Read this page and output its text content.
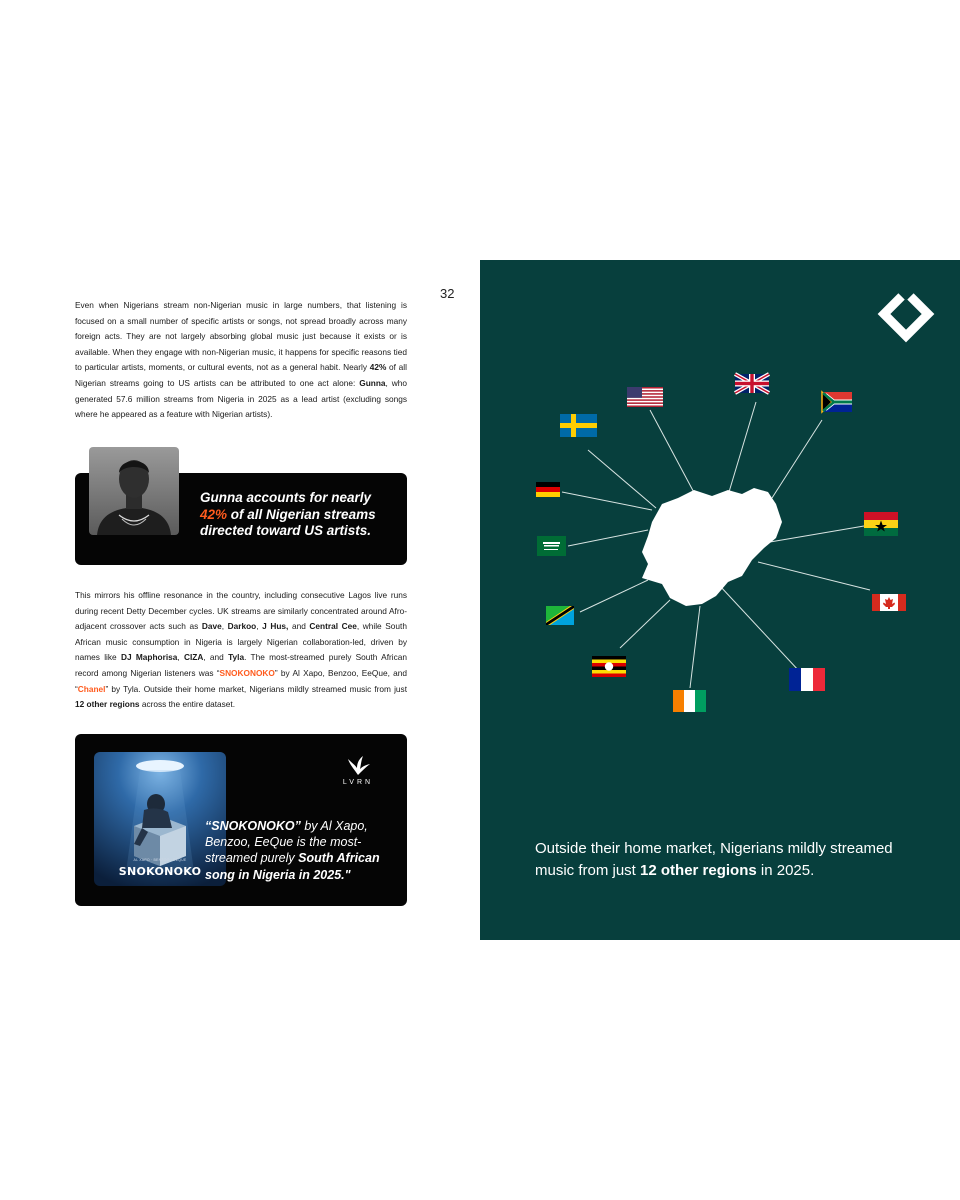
32

Even when Nigerians stream non-Nigerian music in large numbers, that listening is focused on a small number of specific artists or songs, not spread broadly across many foreign acts. They are not largely absorbing global music just because it exists or is available. When they engage with non-Nigerian music, it happens for specific reasons tied to particular artists, moments, or cultural events, not as a general habit. Nearly 42% of all Nigerian streams going to US artists can be attributed to one act alone: Gunna, who generated 57.6 million streams from Nigeria in 2025 as a lead artist (excluding songs where he appeared as a feature with Nigerian artists).

Gunna accounts for nearly 42% of all Nigerian streams directed toward US artists.

This mirrors his offline resonance in the country, including consecutive Lagos live runs during recent Detty December cycles. UK streams are similarly concentrated around Afro-adjacent crossover acts such as Dave, Darkoo, J Hus, and Central Cee, while South African music consumption in Nigeria is largely Nigerian collaboration-led, driven by names like DJ Maphorisa, CIZA, and Tyla. The most-streamed purely South African record among Nigerian listeners was “SNOKONOKO” by Al Xapo, Benzoo, EeQue, and “Chanel” by Tyla. Outside their home market, Nigerians mildly streamed music from just 12 other regions across the entire dataset.

AL XAPO · BENZOO · EEQUE
SNOKONOKO
LVRN
“SNOKONOKO” by Al Xapo, Benzoo, EeQue is the most-streamed purely South African song in Nigeria in 2025."
Outside their home market, Nigerians mildly streamed music from just 12 other regions in 2025.
